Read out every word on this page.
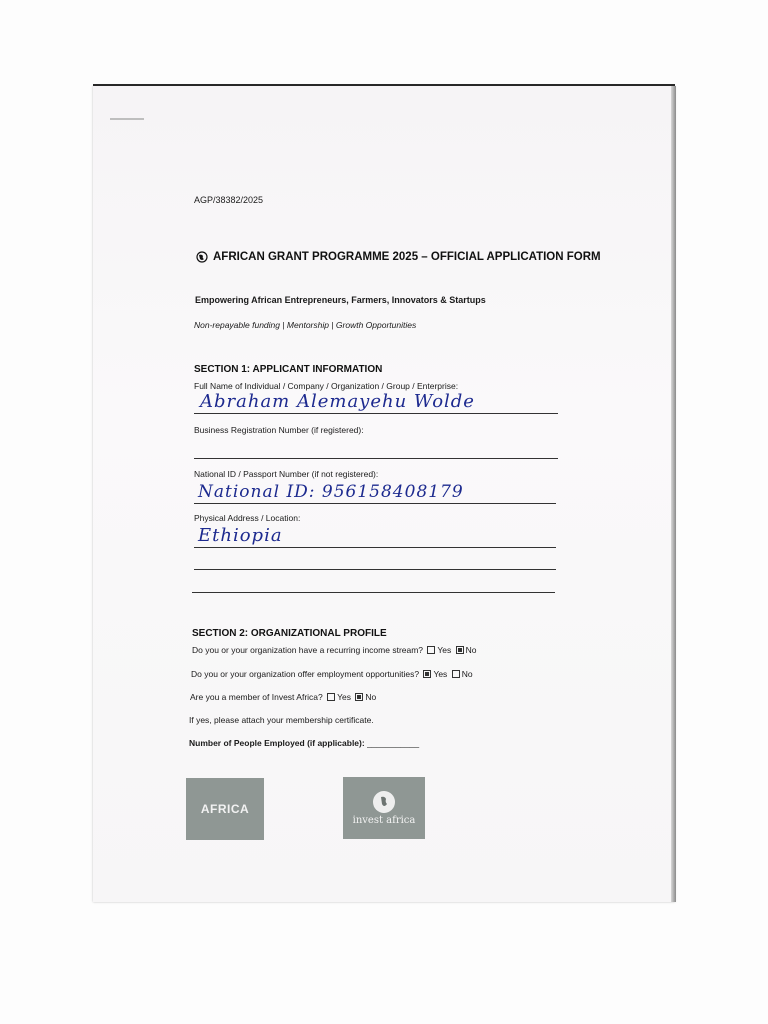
AGP/38382/2025
AFRICAN GRANT PROGRAMME 2025 – OFFICIAL APPLICATION FORM
Empowering African Entrepreneurs, Farmers, Innovators & Startups
Non-repayable funding | Mentorship | Growth Opportunities
SECTION 1: APPLICANT INFORMATION
Full Name of Individual / Company / Organization / Group / Enterprise:
Abraham Alemayehu Wolde
Business Registration Number (if registered):
National ID / Passport Number (if not registered):
National ID: 956158408179
Physical Address / Location:
Ethiopia
SECTION 2: ORGANIZATIONAL PROFILE
Do you or your organization have a recurring income stream? Yes No
Do you or your organization offer employment opportunities? Yes No
Are you a member of Invest Africa? Yes No
If yes, please attach your membership certificate.
Number of People Employed (if applicable): ___________
AFRICA
invest africa
